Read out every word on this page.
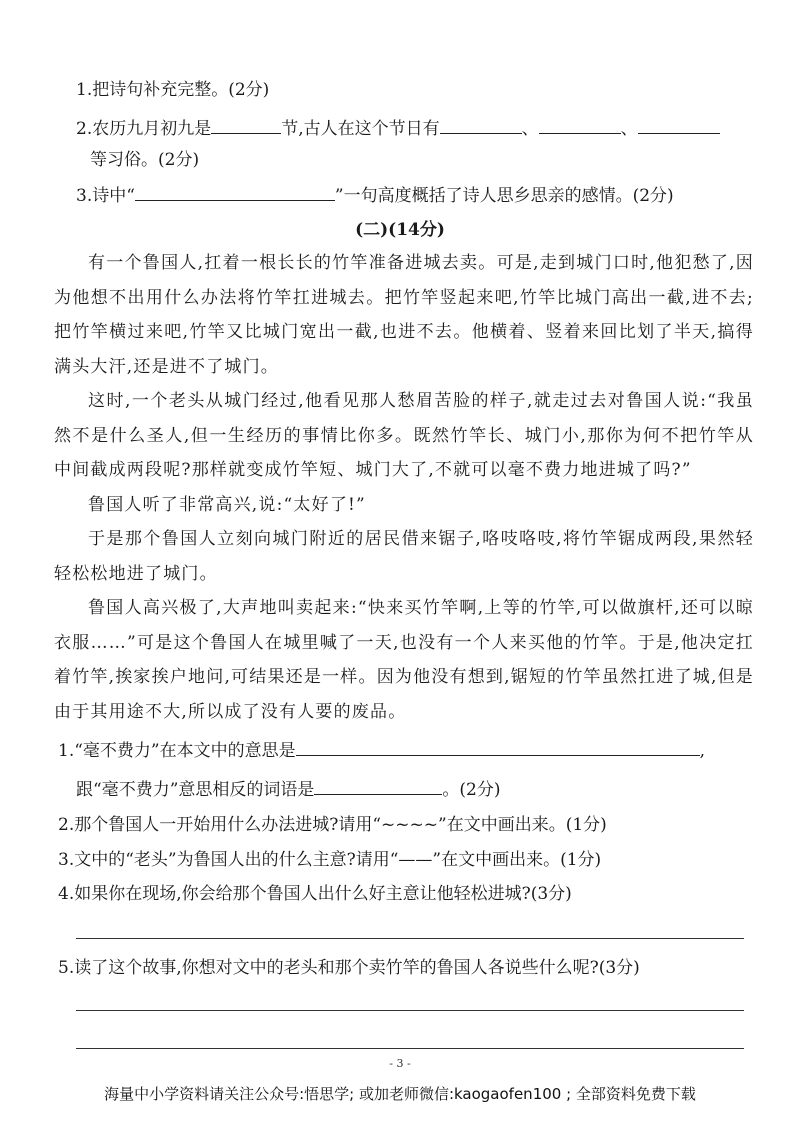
1.把诗句补充完整。(2分)
2.农历九月初九是	节,古人在这个节日有	、	、
等习俗。(2分)
3.诗中“	”一句高度概括了诗人思乡思亲的感情。(2分)
(二)(14分)
有一个鲁国人,扛着一根长长的竹竿准备进城去卖。可是,走到城门口时,他犯愁了,因为他想不出用什么办法将竹竿扛进城去。把竹竿竖起来吧,竹竿比城门高出一截,进不去;把竹竿横过来吧,竹竿又比城门宽出一截,也进不去。他横着、竖着来回比划了半天,搞得满头大汗,还是进不了城门。
这时,一个老头从城门经过,他看见那人愁眉苦脸的样子,就走过去对鲁国人说:“我虽然不是什么圣人,但一生经历的事情比你多。既然竹竿长、城门小,那你为何不把竹竿从中间截成两段呢?那样就变成竹竿短、城门大了,不就可以毫不费力地进城了吗?”
鲁国人听了非常高兴,说:“太好了!”
于是那个鲁国人立刻向城门附近的居民借来锯子,咯吱咯吱,将竹竿锯成两段,果然轻轻松松地进了城门。
鲁国人高兴极了,大声地叫卖起来:“快来买竹竿啊,上等的竹竿,可以做旗杆,还可以晾衣服……”可是这个鲁国人在城里喊了一天,也没有一个人来买他的竹竿。于是,他决定扛着竹竿,挨家挨户地问,可结果还是一样。因为他没有想到,锯短的竹竿虽然扛进了城,但是由于其用途不大,所以成了没有人要的废品。
1.“毫不费力”在本文中的意思是	,
跟“毫不费力”意思相反的词语是	。(2分)
2.那个鲁国人一开始用什么办法进城?请用“~~~~”在文中画出来。(1分)
3.文中的“老头”为鲁国人出的什么主意?请用“——”在文中画出来。(1分)
4.如果你在现场,你会给那个鲁国人出什么好主意让他轻松进城?(3分)
5.读了这个故事,你想对文中的老头和那个卖竹竿的鲁国人各说些什么呢?(3分)
- 3 -
海量中小学资料请关注公众号:悟思学; 或加老师微信:kaogaofen100 ; 全部资料免费下载
